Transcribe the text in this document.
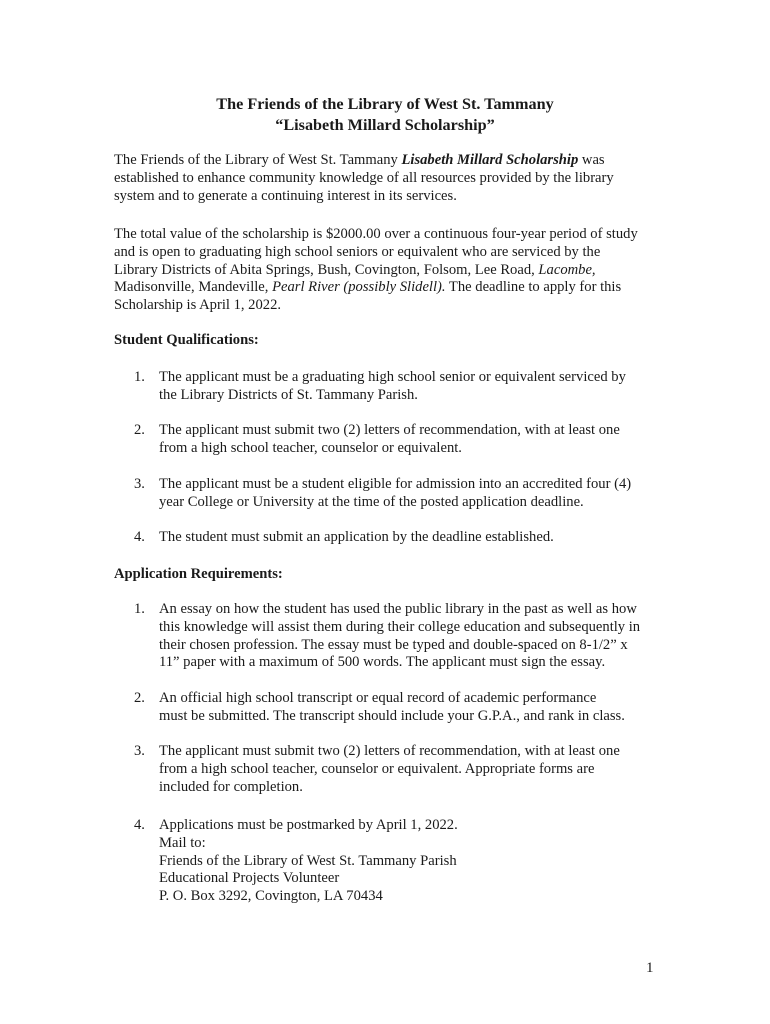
The Friends of the Library of West St. Tammany
“Lisabeth Millard Scholarship”
The Friends of the Library of West St. Tammany Lisabeth Millard Scholarship was
established to enhance community knowledge of all resources provided by the library
system and to generate a continuing interest in its services.
The total value of the scholarship is $2000.00 over a continuous four-year period of study
and is open to graduating high school seniors or equivalent who are serviced by the
Library Districts of Abita Springs, Bush, Covington, Folsom, Lee Road, Lacombe,
Madisonville, Mandeville, Pearl River (possibly Slidell). The deadline to apply for this
Scholarship is April 1, 2022.
Student Qualifications:
1. The applicant must be a graduating high school senior or equivalent serviced by
the Library Districts of St. Tammany Parish.
2. The applicant must submit two (2) letters of recommendation, with at least one
from a high school teacher, counselor or equivalent.
3. The applicant must be a student eligible for admission into an accredited four (4)
year College or University at the time of the posted application deadline.
4. The student must submit an application by the deadline established.
Application Requirements:
1. An essay on how the student has used the public library in the past as well as how
this knowledge will assist them during their college education and subsequently in
their chosen profession. The essay must be typed and double-spaced on 8-1/2” x
11” paper with a maximum of 500 words. The applicant must sign the essay.
2. An official high school transcript or equal record of academic performance
must be submitted. The transcript should include your G.P.A., and rank in class.
3. The applicant must submit two (2) letters of recommendation, with at least one
from a high school teacher, counselor or equivalent. Appropriate forms are
included for completion.
4. Applications must be postmarked by April 1, 2022.
Mail to:
Friends of the Library of West St. Tammany Parish
Educational Projects Volunteer
P. O. Box 3292, Covington, LA 70434
1
